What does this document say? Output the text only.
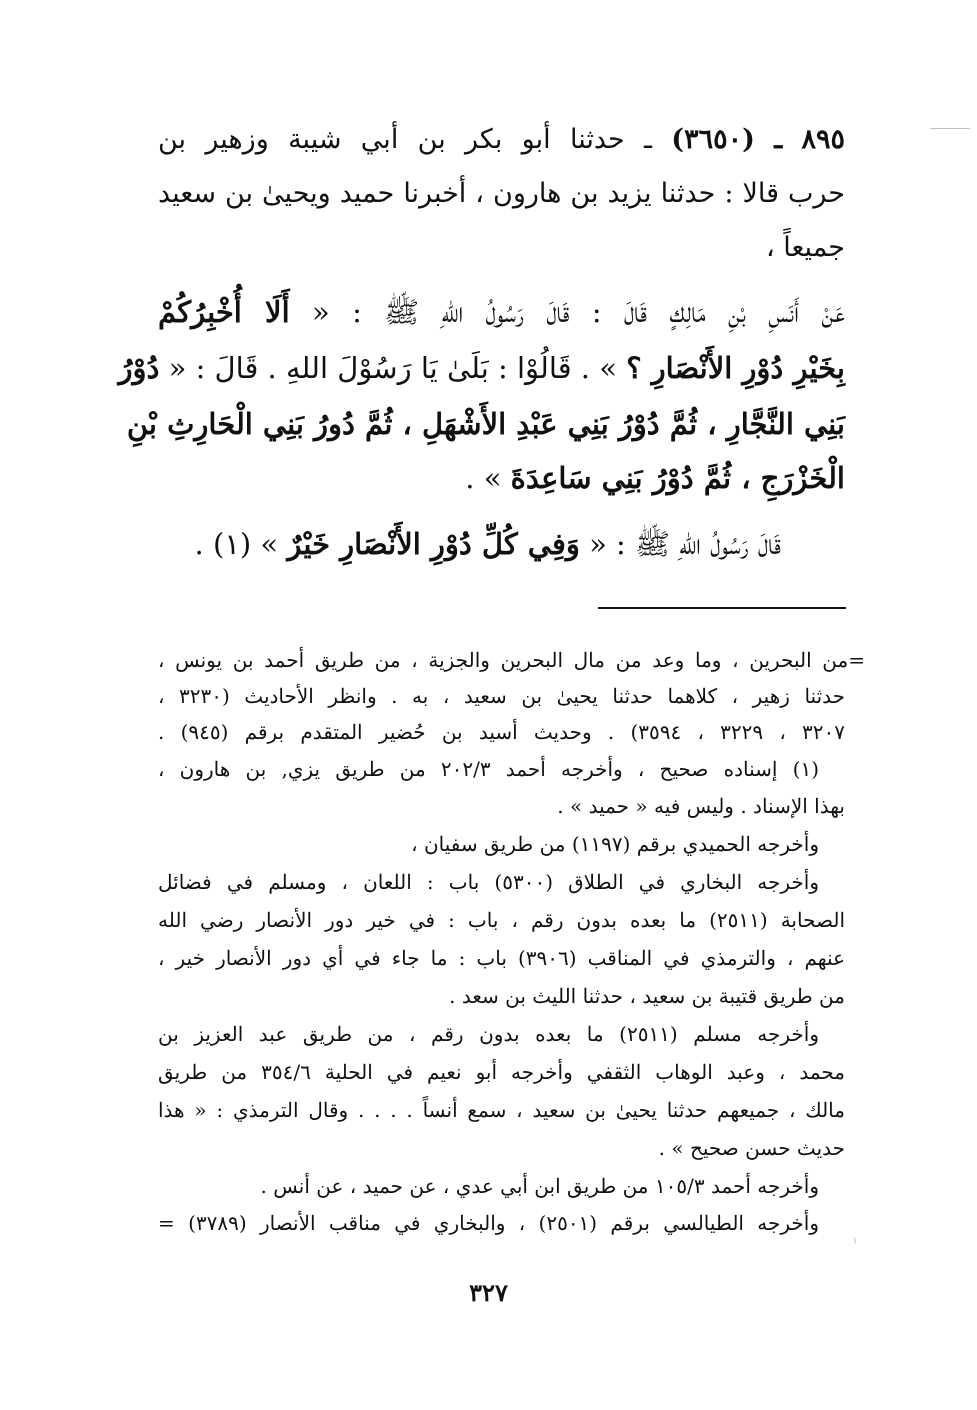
٨٩٥ ـ (٣٦٥٠) ـ حدثنا أبو بكر بن أبي شيبة وزهير بن
حرب قالا : حدثنا يزيد بن هارون ، أخبرنا حميد ويحيىٰ بن سعيد
جميعاً ،
عَنْ أَنَسِ بْنِ مَالِكٍ قَالَ : قَالَ رَسُولُ اللهِ ﷺ : « أَلَا أُخْبِرُكُمْ
بِخَيْرِ دُوْرِ الأَنْصَارِ ؟ » . قَالُوْا : بَلَىٰ يَا رَسُوْلَ اللهِ . قَالَ : « دُوْرُ
بَنِي النَّجَّارِ ، ثُمَّ دُوْرُ بَنِي عَبْدِ الأَشْهَلِ ، ثُمَّ دُورُ بَنِي الْحَارِثِ بْنِ
الْخَزْرَجِ ، ثُمَّ دُوْرُ بَنِي سَاعِدَةَ » .
قَالَ رَسُولُ اللهِ ﷺ : « وَفِي كُلِّ دُوْرِ الأَنْصَارِ خَيْرٌ » (١) .
=من البحرين ، وما وعد من مال البحرين والجزية ، من طريق أحمد بن يونس ،
حدثنا زهير ، كلاهما حدثنا يحيىٰ بن سعيد ، به . وانظر الأحاديث (٣٢٣٠ ،
٣٢٠٧ ، ٣٢٢٩ ، ٣٥٩٤) . وحديث أسيد بن حُضير المتقدم برقم (٩٤٥) .
(١) إسناده صحيح ، وأخرجه أحمد ٢٠٢/٣ من طريق يزي, بن هارون ،
بهذا الإسناد . وليس فيه « حميد » .
وأخرجه الحميدي برقم (١١٩٧) من طريق سفيان ،
وأخرجه البخاري في الطلاق (٥٣٠٠) باب : اللعان ، ومسلم في فضائل
الصحابة (٢٥١١) ما بعده بدون رقم ، باب : في خير دور الأنصار رضي الله
عنهم ، والترمذي في المناقب (٣٩٠٦) باب : ما جاء في أي دور الأنصار خير ،
من طريق قتيبة بن سعيد ، حدثنا الليث بن سعد .
وأخرجه مسلم (٢٥١١) ما بعده بدون رقم ، من طريق عبد العزيز بن
محمد ، وعبد الوهاب الثقفي وأخرجه أبو نعيم في الحلية ٣٥٤/٦ من طريق
مالك ، جميعهم حدثنا يحيىٰ بن سعيد ، سمع أنساً . . . . وقال الترمذي : « هذا
حديث حسن صحيح » .
وأخرجه أحمد ١٠٥/٣ من طريق ابن أبي عدي ، عن حميد ، عن أنس .
وأخرجه الطيالسي برقم (٢٥٠١) ، والبخاري في مناقب الأنصار (٣٧٨٩) =
٣٢٧
